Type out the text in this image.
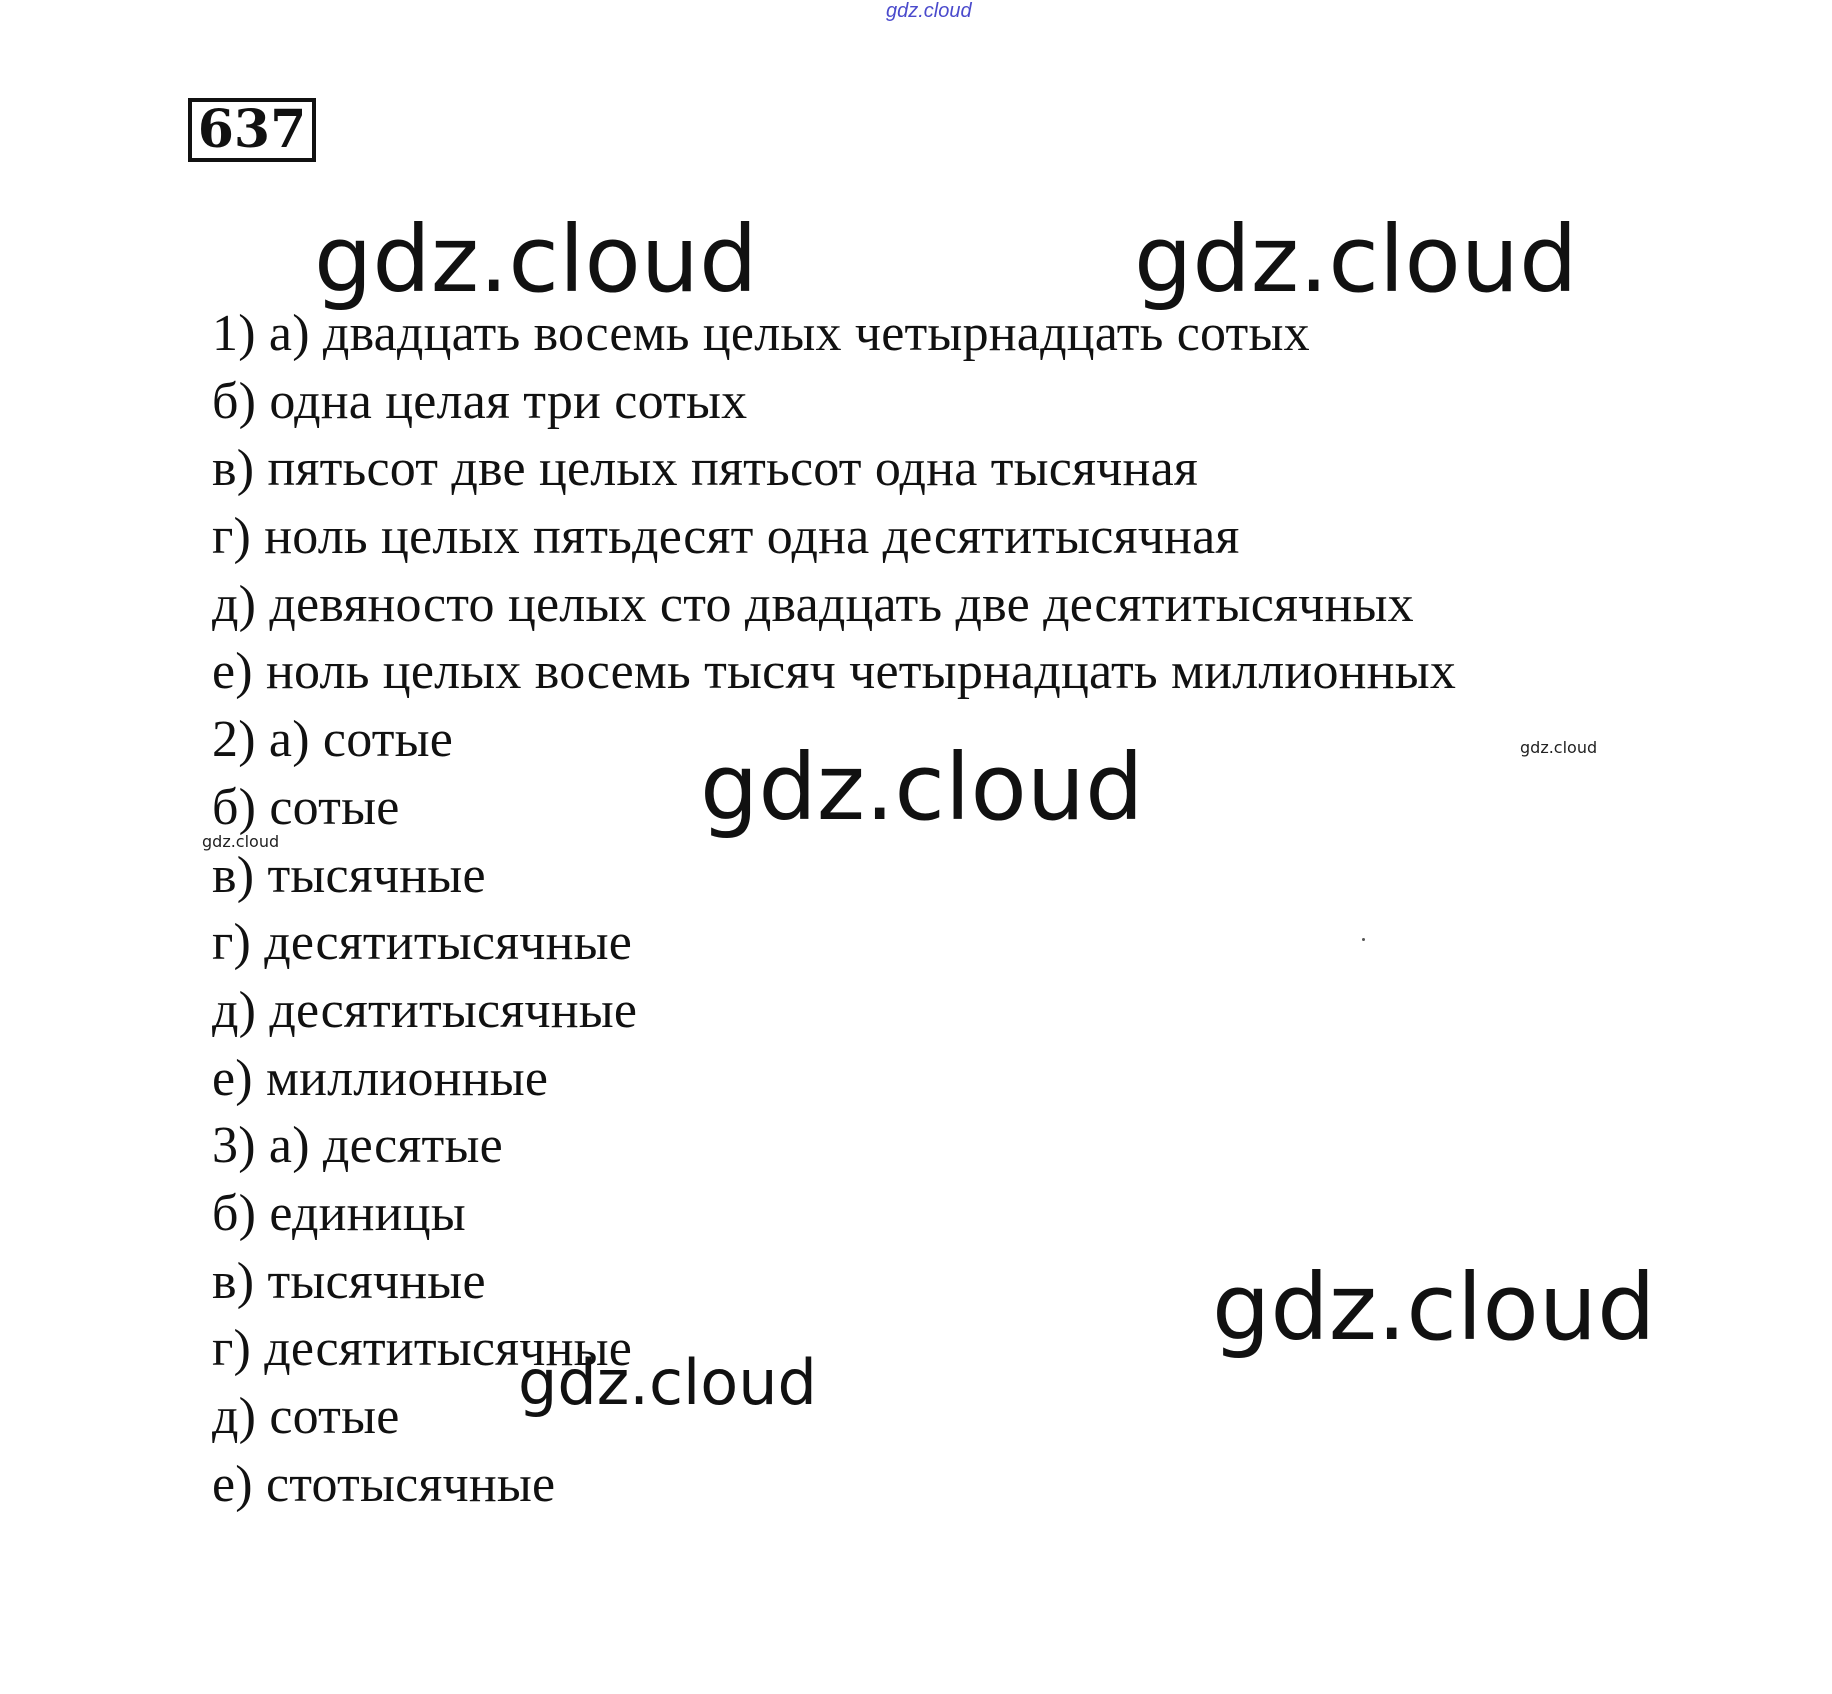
gdz.cloud
637
1) а) двадцать восемь целых четырнадцать сотых
б) одна целая три сотых
в) пятьсот две целых пятьсот одна тысячная
г) ноль целых пятьдесят одна десятитысячная
д) девяносто целых сто двадцать две десятитысячных
е) ноль целых восемь тысяч четырнадцать миллионных
2) а) сотые
б) сотые
в) тысячные
г) десятитысячные
д) десятитысячные
е) миллионные
3) а) десятые
б) единицы
в) тысячные
г) десятитысячные
д) сотые
е) стотысячные
gdz.cloud	gdz.cloud
gdz.cloud
gdz.cloud
gdz.cloud
gdz.cloud
gdz.cloud
